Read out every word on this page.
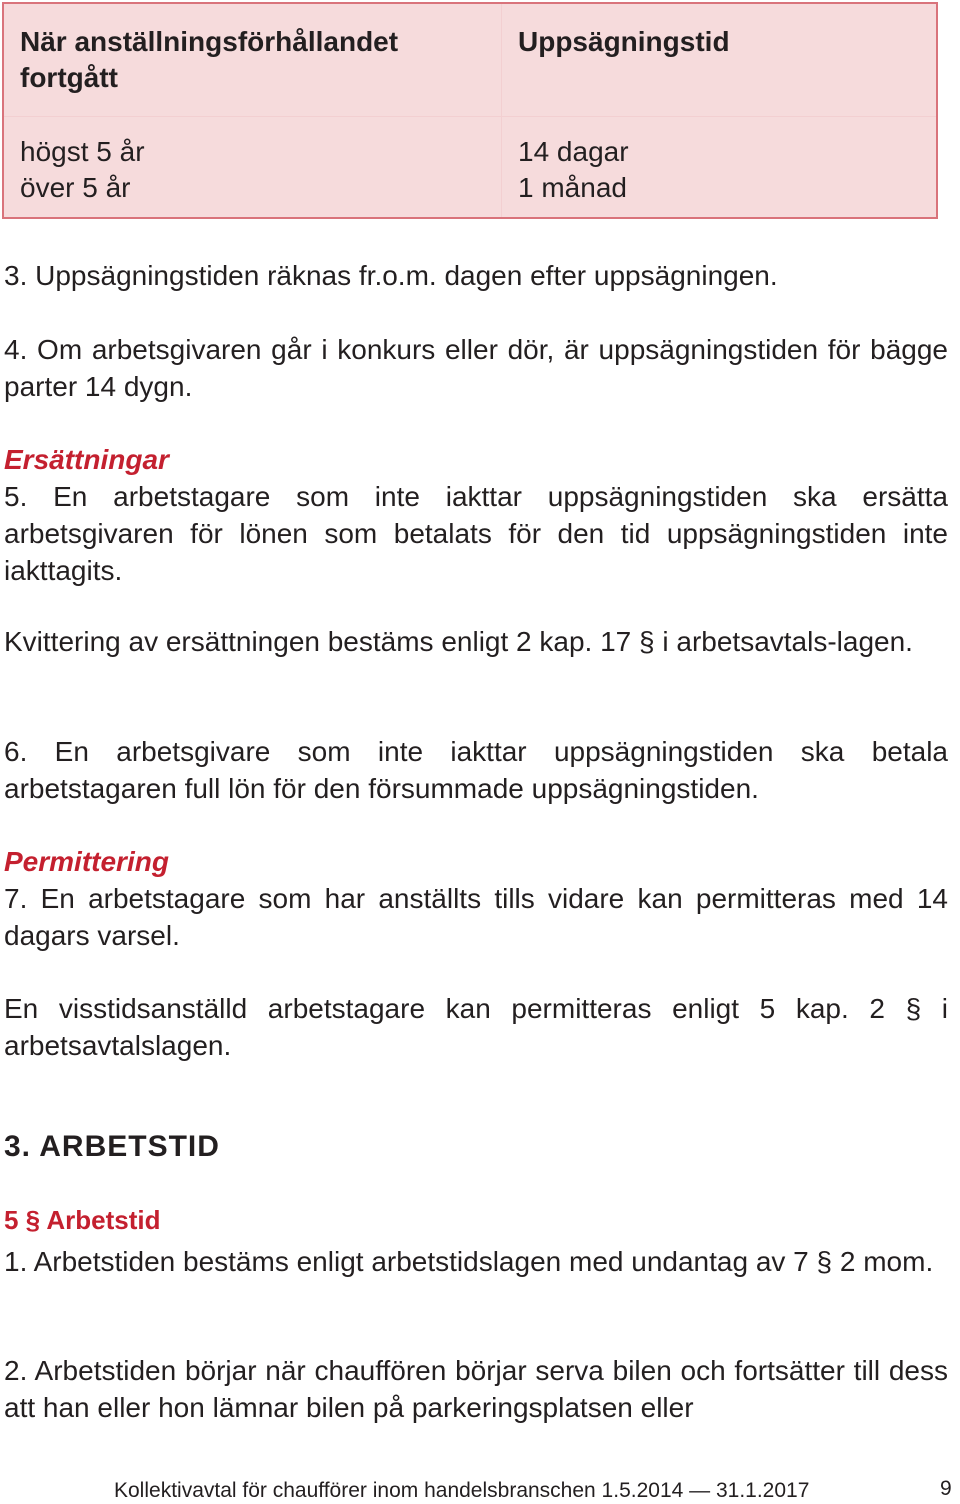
När anställningsförhållandet
fortgått
Uppsägningstid
högst 5 år
över 5 år
14 dagar
1 månad

3. Uppsägningstiden räknas fr.o.m. dagen efter uppsägningen.

4. Om arbetsgivaren går i konkurs eller dör, är uppsägningstiden för bägge parter 14 dygn.

Ersättningar

5. En arbetstagare som inte iakttar uppsägningstiden ska ersätta arbetsgivaren för lönen som betalats för den tid uppsägningstiden inte iakttagits.

Kvittering av ersättningen bestäms enligt 2 kap. 17 § i arbetsavtals-lagen.

6. En arbetsgivare som inte iakttar uppsägningstiden ska betala arbetstagaren full lön för den försummade uppsägningstiden.

Permittering

7. En arbetstagare som har anställts tills vidare kan permitteras med 14 dagars varsel.

En visstidsanställd arbetstagare kan permitteras enligt 5 kap. 2 § i arbetsavtalslagen.

3. ARBETSTID
5 § Arbetstid

1. Arbetstiden bestäms enligt arbetstidslagen med undantag av 7 § 2 mom.

2. Arbetstiden börjar när chauffören börjar serva bilen och fortsätter till dess att han eller hon lämnar bilen på parkeringsplatsen eller

Kollektivavtal för chaufförer inom handelsbranschen 1.5.2014 — 31.1.2017	9
